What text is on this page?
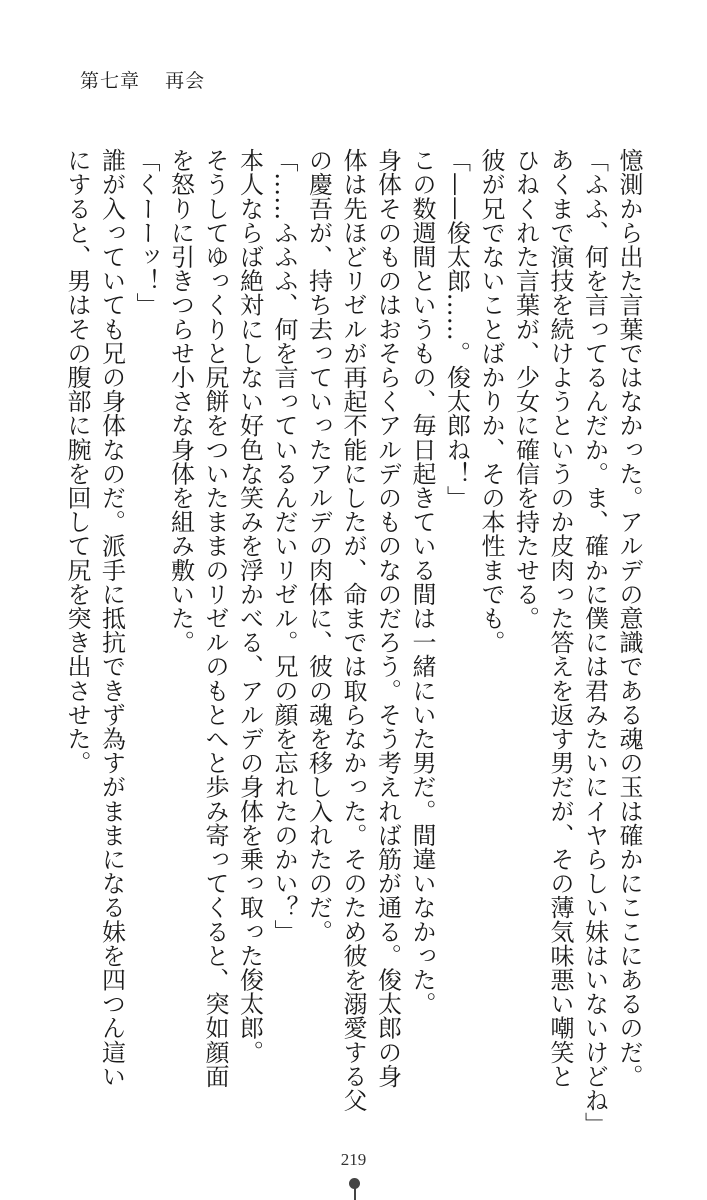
第七章 再会

憶測から出た言葉ではなかった。アルデの意識である魂の玉は確かにここにあるのだ。

「ふふ、何を言ってるんだか。ま、確かに僕には君みたいにイヤらしい妹はいないけどね」

あくまで演技を続けようというのか皮肉った答えを返す男だが、その薄気味悪い嘲笑と

ひねくれた言葉が、少女に確信を持たせる。

彼が兄でないことばかりか、その本性までも。

「——俊太郎……。俊太郎ね！」

この数週間というもの、毎日起きている間は一緒にいた男だ。間違いなかった。

身体そのものはおそらくアルデのものなのだろう。そう考えれば筋が通る。俊太郎の身

体は先ほどリゼルが再起不能にしたが、命までは取らなかった。そのため彼を溺愛する父

の慶吾が、持ち去っていったアルデの肉体に、彼の魂を移し入れたのだ。

「……ふふふ、何を言っているんだいリゼル。兄の顔を忘れたのかい？」

本人ならば絶対にしない好色な笑みを浮かべる、アルデの身体を乗っ取った俊太郎。

そうしてゆっくりと尻餅をついたままのリゼルのもとへと歩み寄ってくると、突如顔面

を怒りに引きつらせ小さな身体を組み敷いた。

「くーーッ！」

誰が入っていても兄の身体なのだ。派手に抵抗できず為すがままになる妹を四つん這い

にすると、男はその腹部に腕を回して尻を突き出させた。

219
